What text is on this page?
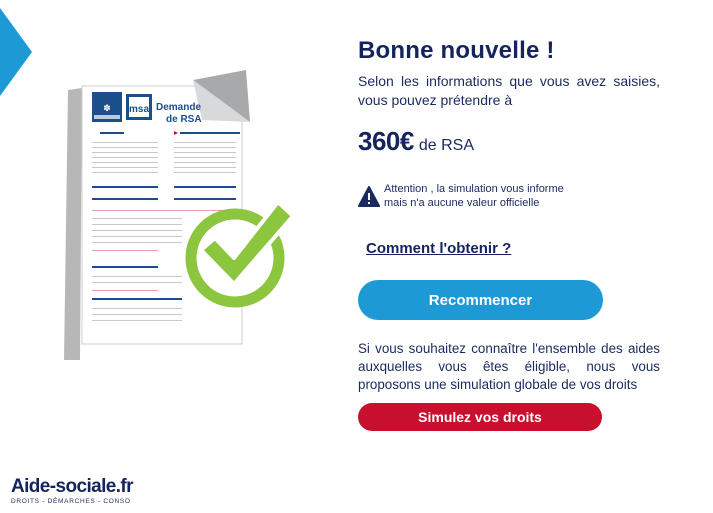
✽ msa Demande
de RSA
Bonne nouvelle !
Selon les informations que vous avez saisies, vous pouvez prétendre à
360€ de RSA
Attention , la simulation vous informe mais n'a aucune valeur officielle
Comment l'obtenir ?
Recommencer
Si vous souhaitez connaître l'ensemble des aides auxquelles vous êtes éligible, nous vous proposons une simulation globale de vos droits
Simulez vos droits
Aide-sociale.fr
DROITS - DÉMARCHES - CONSO
